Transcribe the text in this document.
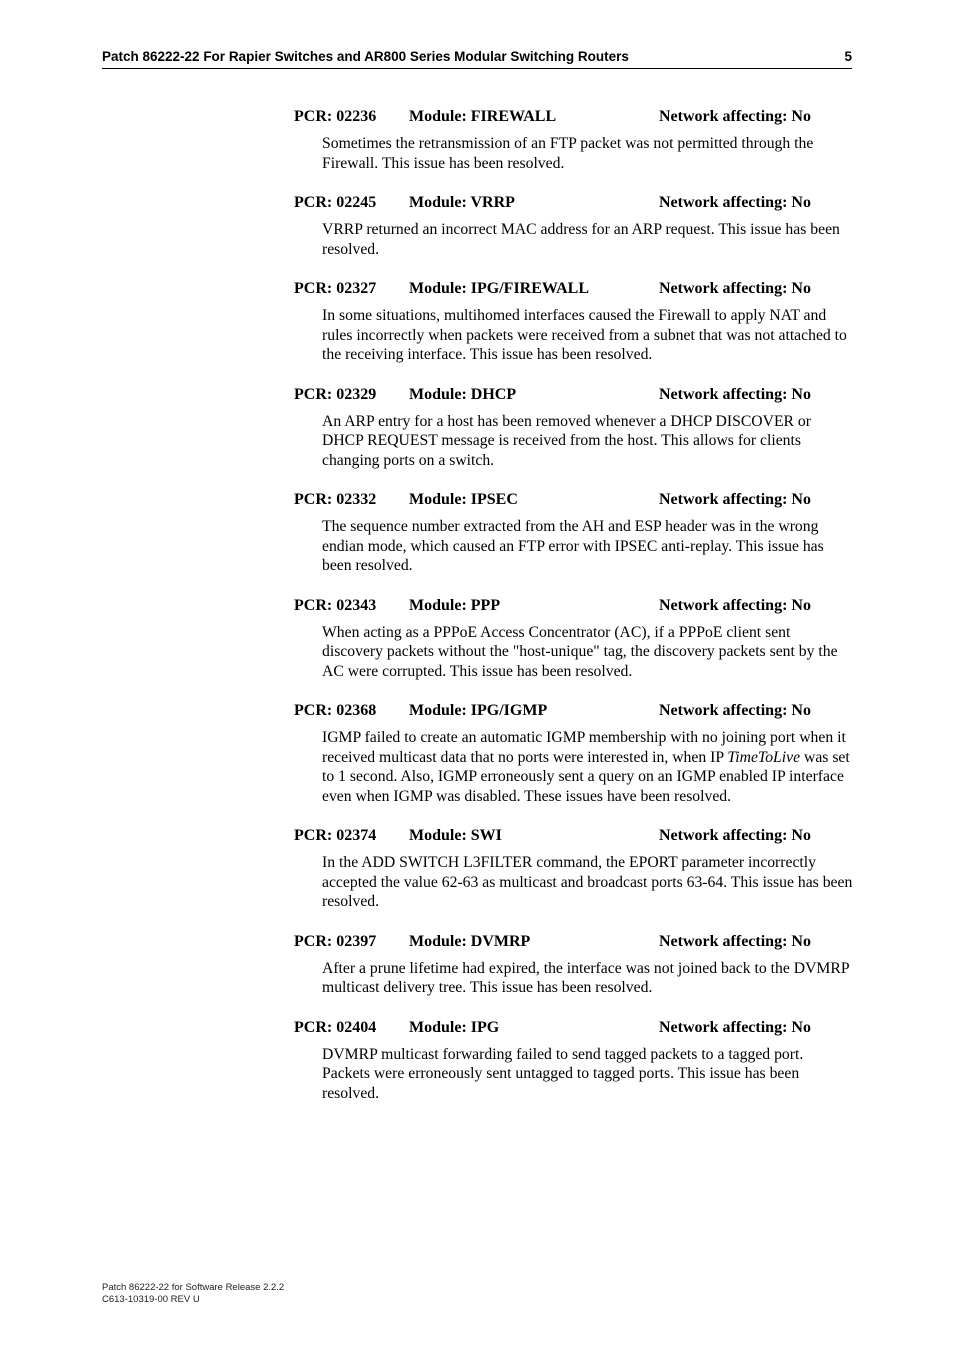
Patch 86222-22 For Rapier Switches and AR800 Series Modular Switching Routers	5
PCR: 02236 Module: FIREWALL	Network affecting: No
Sometimes the retransmission of an FTP packet was not permitted through the Firewall. This issue has been resolved.
PCR: 02245 Module: VRRP	Network affecting: No
VRRP returned an incorrect MAC address for an ARP request. This issue has been resolved.
PCR: 02327 Module: IPG/FIREWALL	Network affecting: No
In some situations, multihomed interfaces caused the Firewall to apply NAT and rules incorrectly when packets were received from a subnet that was not attached to the receiving interface. This issue has been resolved.
PCR: 02329 Module: DHCP	Network affecting: No
An ARP entry for a host has been removed whenever a DHCP DISCOVER or DHCP REQUEST message is received from the host. This allows for clients changing ports on a switch.
PCR: 02332 Module: IPSEC	Network affecting: No
The sequence number extracted from the AH and ESP header was in the wrong endian mode, which caused an FTP error with IPSEC anti-replay. This issue has been resolved.
PCR: 02343 Module: PPP	Network affecting: No
When acting as a PPPoE Access Concentrator (AC), if a PPPoE client sent discovery packets without the "host-unique" tag, the discovery packets sent by the AC were corrupted. This issue has been resolved.
PCR: 02368 Module: IPG/IGMP	Network affecting: No
IGMP failed to create an automatic IGMP membership with no joining port when it received multicast data that no ports were interested in, when IP TimeToLive was set to 1 second. Also, IGMP erroneously sent a query on an IGMP enabled IP interface even when IGMP was disabled. These issues have been resolved.
PCR: 02374 Module: SWI	Network affecting: No
In the ADD SWITCH L3FILTER command, the EPORT parameter incorrectly accepted the value 62-63 as multicast and broadcast ports 63-64. This issue has been resolved.
PCR: 02397 Module: DVMRP	Network affecting: No
After a prune lifetime had expired, the interface was not joined back to the DVMRP multicast delivery tree. This issue has been resolved.
PCR: 02404 Module: IPG	Network affecting: No
DVMRP multicast forwarding failed to send tagged packets to a tagged port. Packets were erroneously sent untagged to tagged ports. This issue has been resolved.
Patch 86222-22 for Software Release 2.2.2
C613-10319-00 REV U
